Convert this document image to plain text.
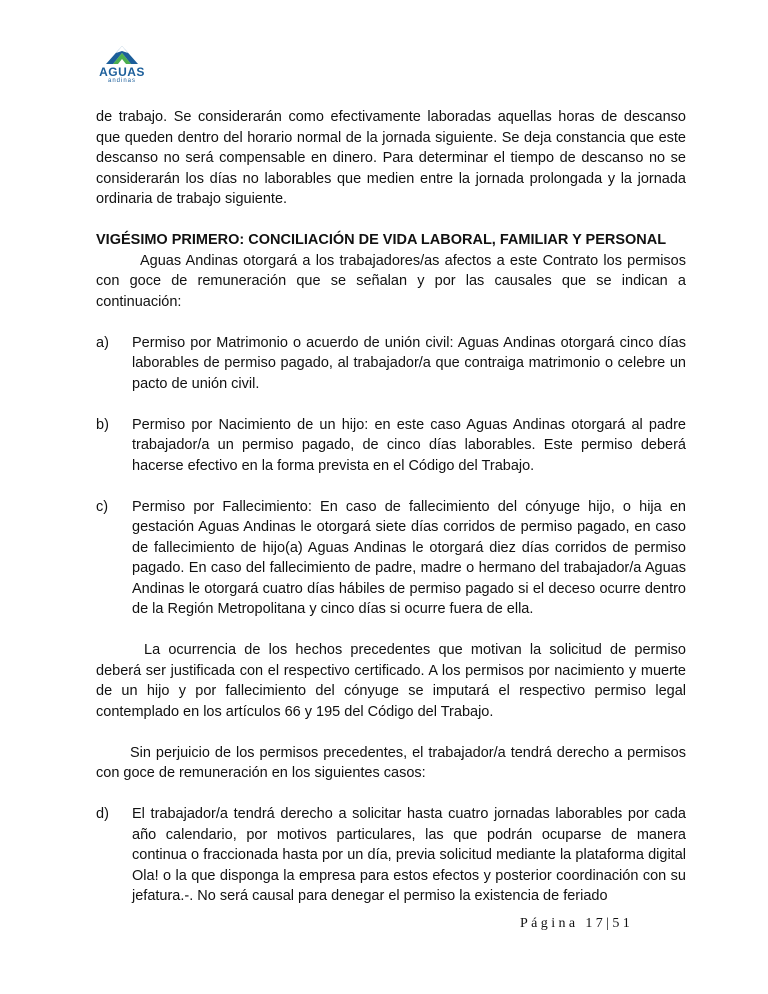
AGUAS
andinas

de trabajo. Se considerarán como efectivamente laboradas aquellas horas de descanso que queden dentro del horario normal de la jornada siguiente. Se deja constancia que este descanso no será compensable en dinero. Para determinar el tiempo de descanso no se considerarán los días no laborables que medien entre la jornada prolongada y la jornada ordinaria de trabajo siguiente.

VIGÉSIMO PRIMERO: CONCILIACIÓN DE VIDA LABORAL, FAMILIAR Y PERSONAL

Aguas Andinas otorgará a los trabajadores/as afectos a este Contrato los permisos con goce de remuneración que se señalan y por las causales que se indican a continuación:

a)	Permiso por Matrimonio o acuerdo de unión civil: Aguas Andinas otorgará cinco días laborables de permiso pagado, al trabajador/a que contraiga matrimonio o celebre un pacto de unión civil.
b)	Permiso por Nacimiento de un hijo: en este caso Aguas Andinas otorgará al padre trabajador/a un permiso pagado, de cinco días laborables. Este permiso deberá hacerse efectivo en la forma prevista en el Código del Trabajo.
c)	Permiso por Fallecimiento: En caso de fallecimiento del cónyuge hijo, o hija en gestación Aguas Andinas le otorgará siete días corridos de permiso pagado, en caso de fallecimiento de hijo(a) Aguas Andinas le otorgará diez días corridos de permiso pagado. En caso del fallecimiento de padre, madre o hermano del trabajador/a Aguas Andinas le otorgará cuatro días hábiles de permiso pagado si el deceso ocurre dentro de la Región Metropolitana y cinco días si ocurre fuera de ella.

La ocurrencia de los hechos precedentes que motivan la solicitud de permiso deberá ser justificada con el respectivo certificado. A los permisos por nacimiento y muerte de un hijo y por fallecimiento del cónyuge se imputará el respectivo permiso legal contemplado en los artículos 66 y 195 del Código del Trabajo.

Sin perjuicio de los permisos precedentes, el trabajador/a tendrá derecho a permisos con goce de remuneración en los siguientes casos:

d)	El trabajador/a tendrá derecho a solicitar hasta cuatro jornadas laborables por cada año calendario, por motivos particulares, las que podrán ocuparse de manera continua o fraccionada hasta por un día, previa solicitud mediante la plataforma digital Ola! o la que disponga la empresa para estos efectos y posterior coordinación con su jefatura.-. No será causal para denegar el permiso la existencia de feriado
Página 17|51
